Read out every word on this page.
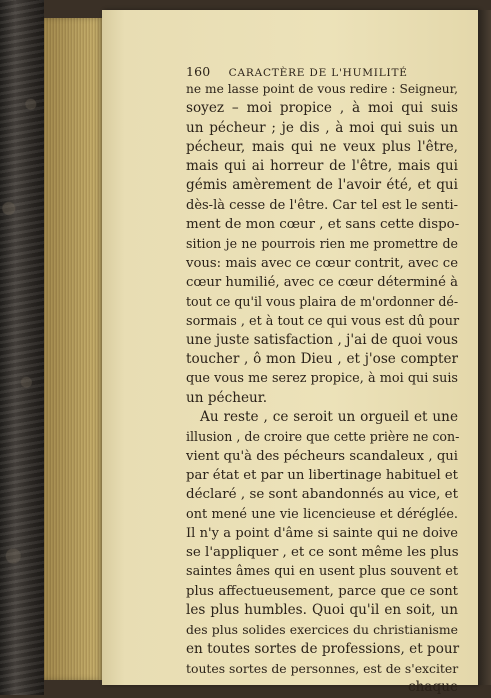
160 CARACTÈRE DE L'HUMILITÉ
ne me lasse point de vous redire : Seigneur,
soyez – moi propice , à moi qui suis
un pécheur ; je dis , à moi qui suis un
pécheur, mais qui ne veux plus l'être,
mais qui ai horreur de l'être, mais qui
gémis amèrement de l'avoir été, et qui
dès-là cesse de l'être. Car tel est le senti-
ment de mon cœur , et sans cette dispo-
sition je ne pourrois rien me promettre de
vous: mais avec ce cœur contrit, avec ce
cœur humilié, avec ce cœur déterminé à
tout ce qu'il vous plaira de m'ordonner dé-
sormais , et à tout ce qui vous est dû pour
une juste satisfaction , j'ai de quoi vous
toucher , ô mon Dieu , et j'ose compter
que vous me serez propice, à moi qui suis
un pécheur.
Au reste , ce seroit un orgueil et une
illusion , de croire que cette prière ne con-
vient qu'à des pécheurs scandaleux , qui
par état et par un libertinage habituel et
déclaré , se sont abandonnés au vice, et
ont mené une vie licencieuse et déréglée.
Il n'y a point d'âme si sainte qui ne doive
se l'appliquer , et ce sont même les plus
saintes âmes qui en usent plus souvent et
plus affectueusement, parce que ce sont
les plus humbles. Quoi qu'il en soit, un
des plus solides exercices du christianisme
en toutes sortes de professions, et pour
toutes sortes de personnes, est de s'exciter
chaque
